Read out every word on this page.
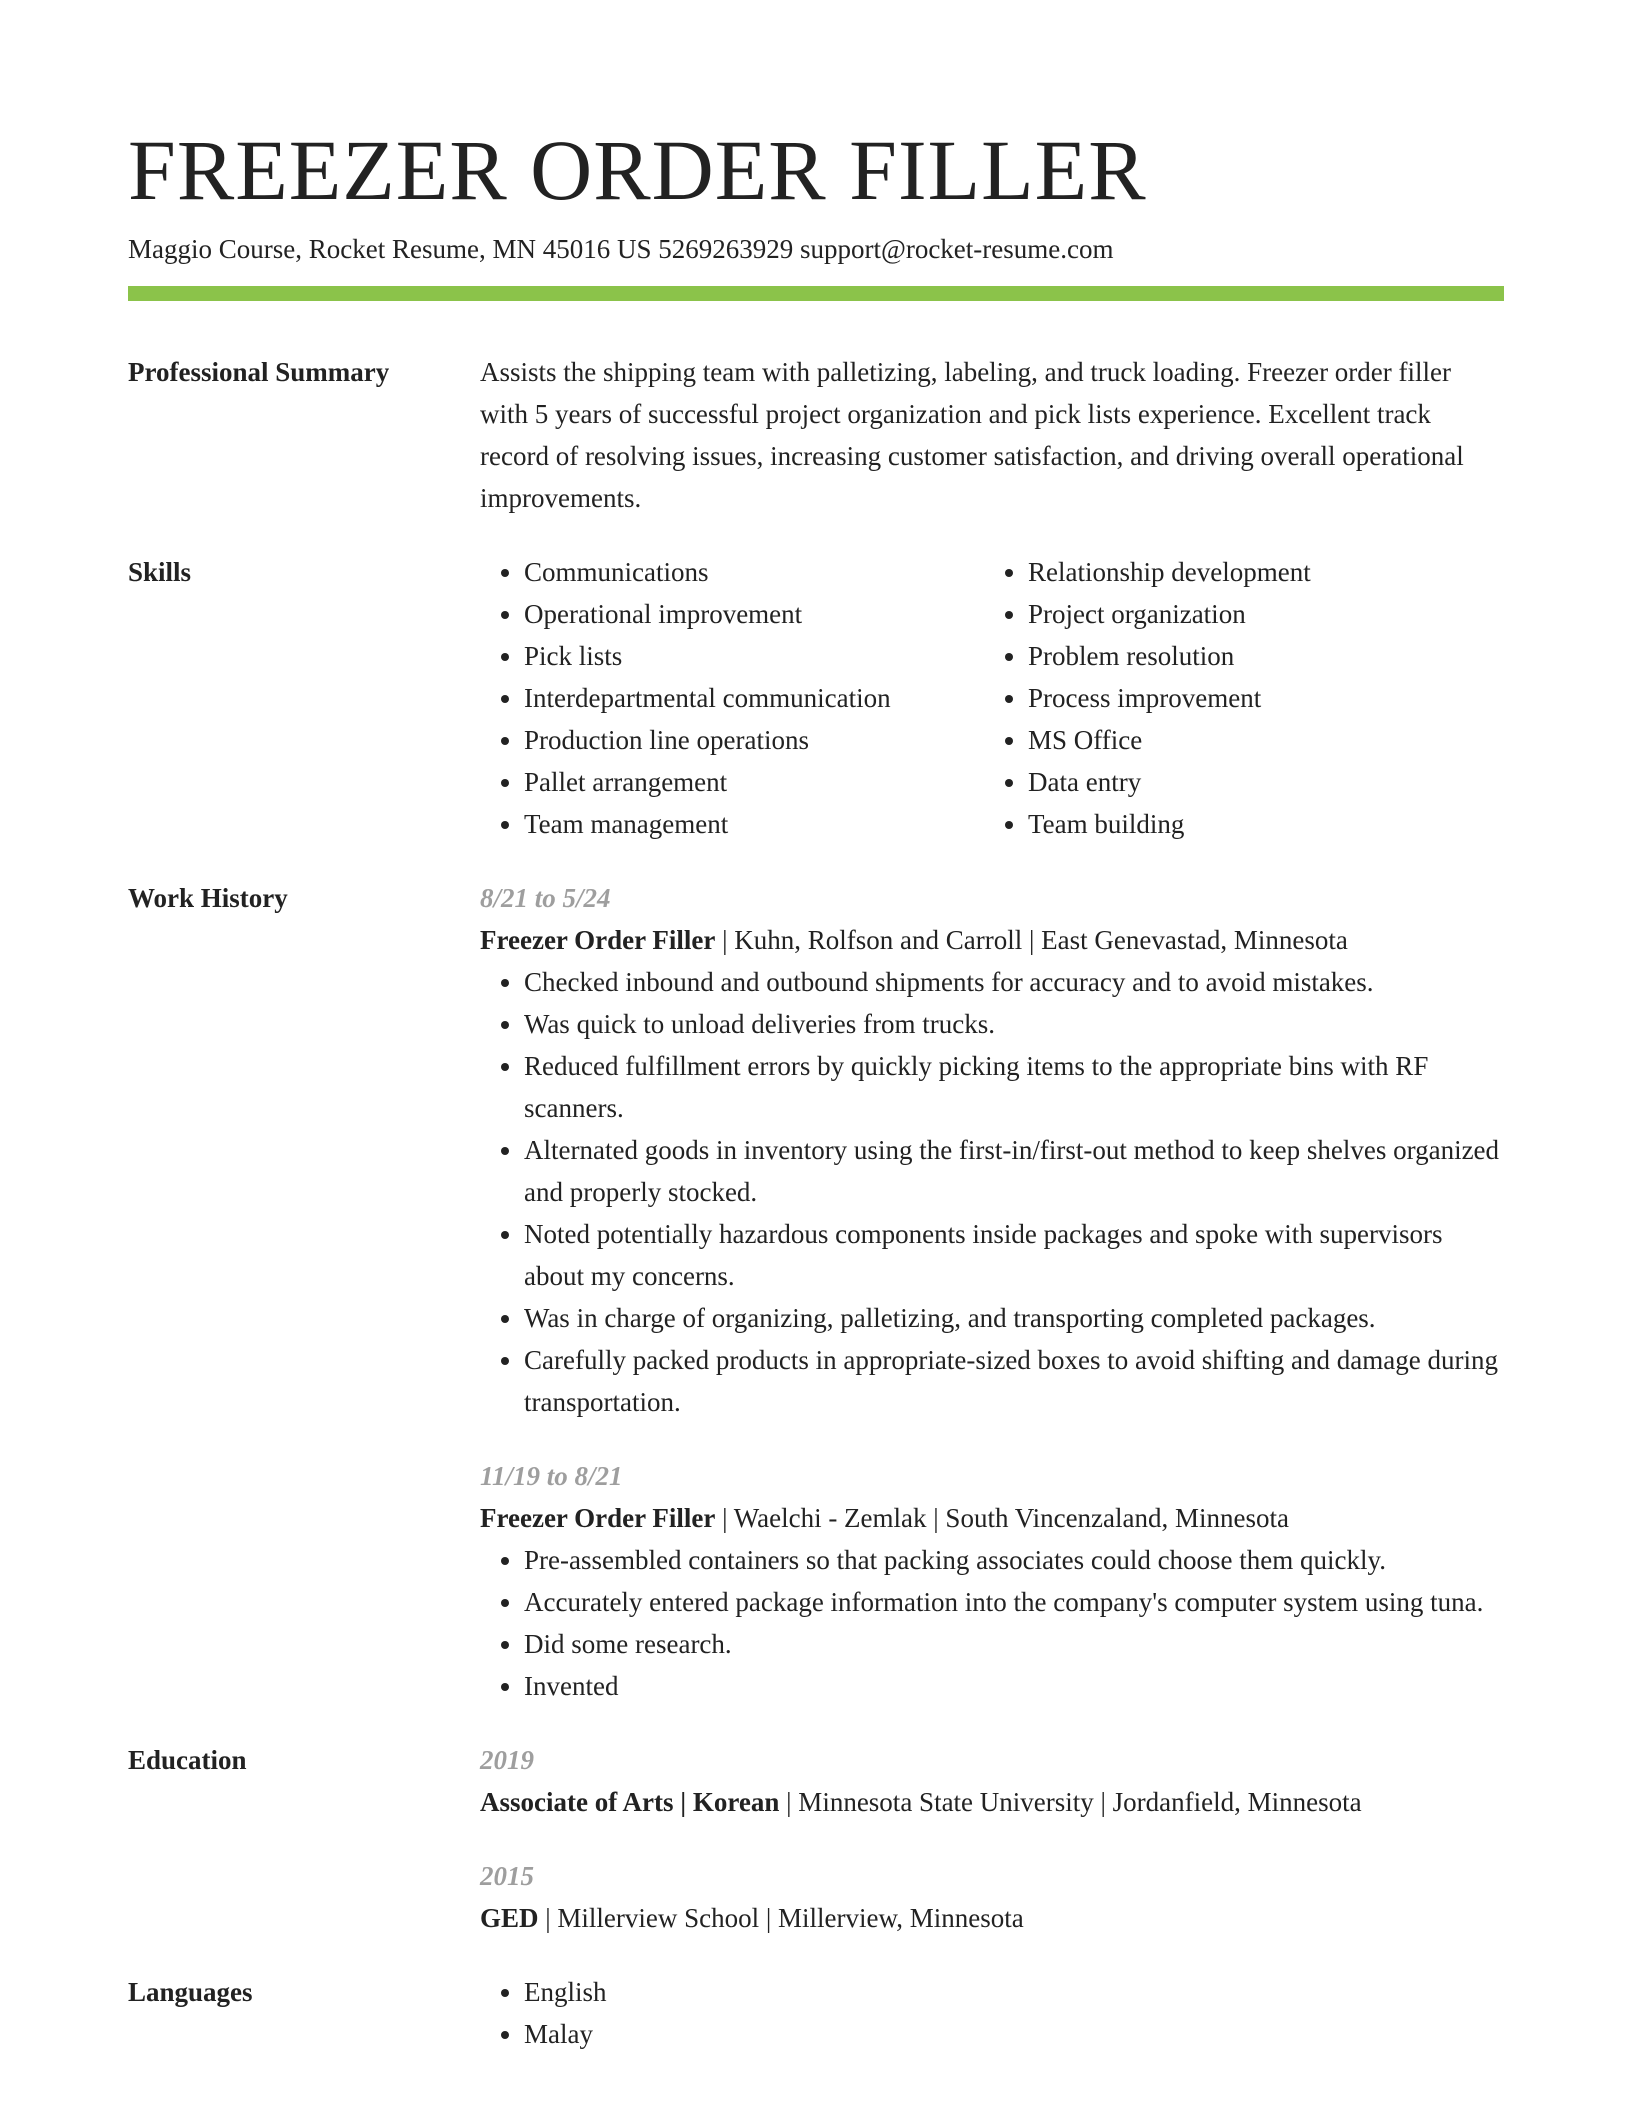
FREEZER ORDER FILLER
Maggio Course, Rocket Resume, MN 45016 US 5269263929 support@rocket-resume.com
Professional Summary	Assists the shipping team with palletizing, labeling, and truck loading. Freezer order filler with 5 years of successful project organization and pick lists experience. Excellent track record of resolving issues, increasing customer satisfaction, and driving overall operational improvements.

Skills	• Communications
• Operational improvement
• Pick lists
• Interdepartmental communication
• Production line operations
• Pallet arrangement
• Team management
• Relationship development
• Project organization
• Problem resolution
• Process improvement
• MS Office
• Data entry
• Team building
Work History	8/21 to 5/24
Freezer Order Filler | Kuhn, Rolfson and Carroll | East Genevastad, Minnesota
• Checked inbound and outbound shipments for accuracy and to avoid mistakes.
• Was quick to unload deliveries from trucks.
• Reduced fulfillment errors by quickly picking items to the appropriate bins with RF scanners.
• Alternated goods in inventory using the first-in/first-out method to keep shelves organized and properly stocked.
• Noted potentially hazardous components inside packages and spoke with supervisors about my concerns.
• Was in charge of organizing, palletizing, and transporting completed packages.
• Carefully packed products in appropriate-sized boxes to avoid shifting and damage during transportation.
11/19 to 8/21
Freezer Order Filler | Waelchi - Zemlak | South Vincenzaland, Minnesota
• Pre-assembled containers so that packing associates could choose them quickly.
• Accurately entered package information into the company's computer system using tuna.
• Did some research.
• Invented
Education	2019
Associate of Arts | Korean | Minnesota State University | Jordanfield, Minnesota
2015
GED | Millerview School | Millerview, Minnesota
Languages	• English
• Malay
